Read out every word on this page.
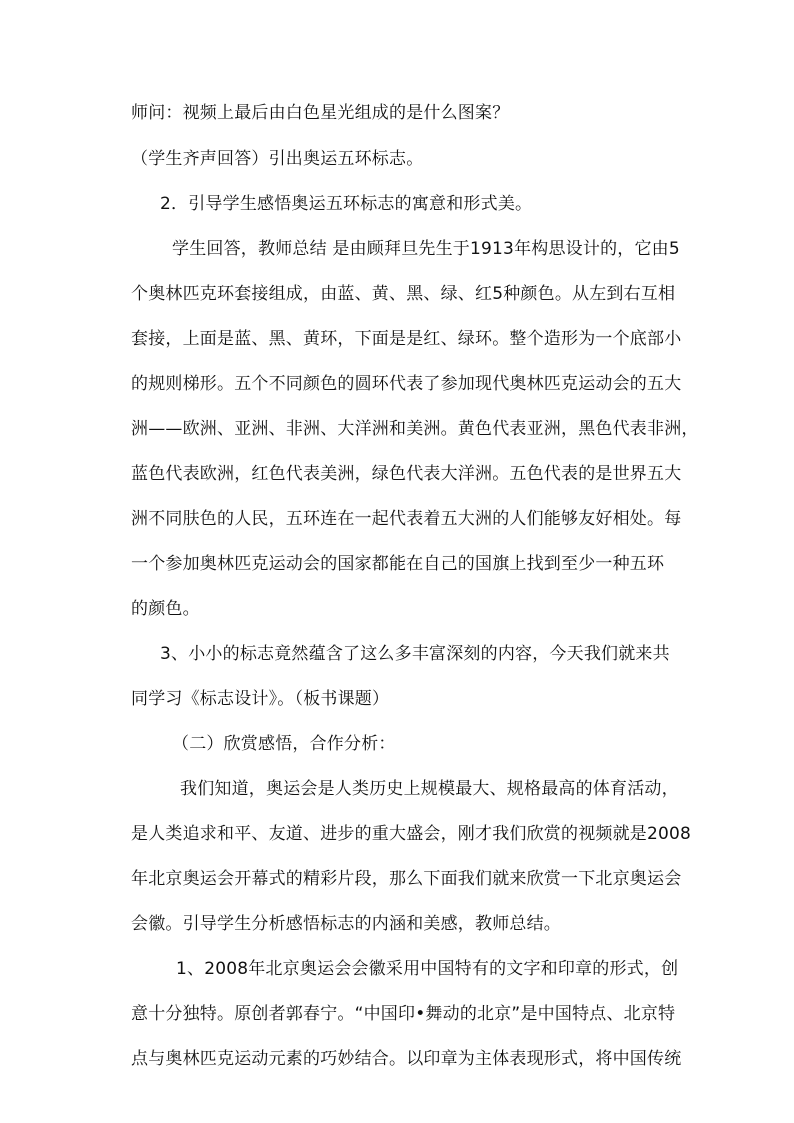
师问：视频上最后由白色星光组成的是什么图案？
（学生齐声回答）引出奥运五环标志。
2．引导学生感悟奥运五环标志的寓意和形式美。
学生回答，教师总结 是由顾拜旦先生于1913年构思设计的，它由5
个奥林匹克环套接组成，由蓝、黄、黑、绿、红5种颜色。从左到右互相
套接，上面是蓝、黑、黄环，下面是是红、绿环。整个造形为一个底部小
的规则梯形。五个不同颜色的圆环代表了参加现代奥林匹克运动会的五大
洲——欧洲、亚洲、非洲、大洋洲和美洲。黄色代表亚洲，黑色代表非洲，
蓝色代表欧洲，红色代表美洲，绿色代表大洋洲。五色代表的是世界五大
洲不同肤色的人民，五环连在一起代表着五大洲的人们能够友好相处。每
一个参加奥林匹克运动会的国家都能在自己的国旗上找到至少一种五环
的颜色。
3、小小的标志竟然蕴含了这么多丰富深刻的内容，今天我们就来共
同学习《标志设计》。（板书课题）
（二）欣赏感悟，合作分析：
我们知道，奥运会是人类历史上规模最大、规格最高的体育活动，
是人类追求和平、友道、进步的重大盛会，刚才我们欣赏的视频就是2008
年北京奥运会开幕式的精彩片段，那么下面我们就来欣赏一下北京奥运会
会徽。引导学生分析感悟标志的内涵和美感，教师总结。
1、2008年北京奥运会会徽采用中国特有的文字和印章的形式，创
意十分独特。原创者郭春宁。“中国印•舞动的北京”是中国特点、北京特
点与奥林匹克运动元素的巧妙结合。以印章为主体表现形式，将中国传统
